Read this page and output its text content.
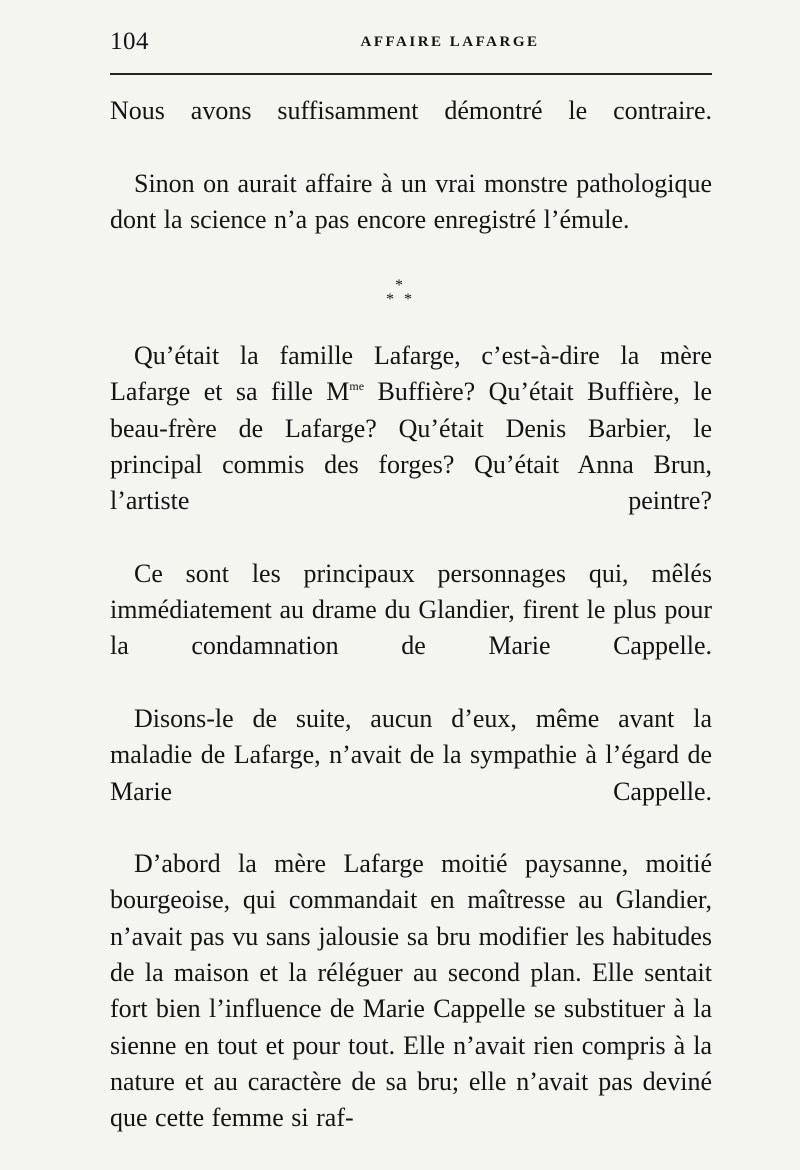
104	AFFAIRE LAFARGE

Nous avons suffisamment démontré le contraire.

Sinon on aurait affaire à un vrai monstre pathologique dont la science n’a pas encore enregistré l’émule.

*
* *

Qu’était la famille Lafarge, c’est-à-dire la mère Lafarge et sa fille $M^{me}$ Buffière? Qu’était Buffière, le beau-frère de Lafarge? Qu’était Denis Barbier, le principal commis des forges? Qu’était Anna Brun, l’artiste peintre?

Ce sont les principaux personnages qui, mêlés immédiatement au drame du Glandier, firent le plus pour la condamnation de Marie Cappelle.

Disons-le de suite, aucun d’eux, même avant la maladie de Lafarge, n’avait de la sympathie à l’égard de Marie Cappelle.

D’abord la mère Lafarge moitié paysanne, moitié bourgeoise, qui commandait en maîtresse au Glandier, n’avait pas vu sans jalousie sa bru modifier les habitudes de la maison et la réléguer au second plan. Elle sentait fort bien l’influence de Marie Cappelle se substituer à la sienne en tout et pour tout. Elle n’avait rien compris à la nature et au caractère de sa bru; elle n’avait pas deviné que cette femme si raf-
